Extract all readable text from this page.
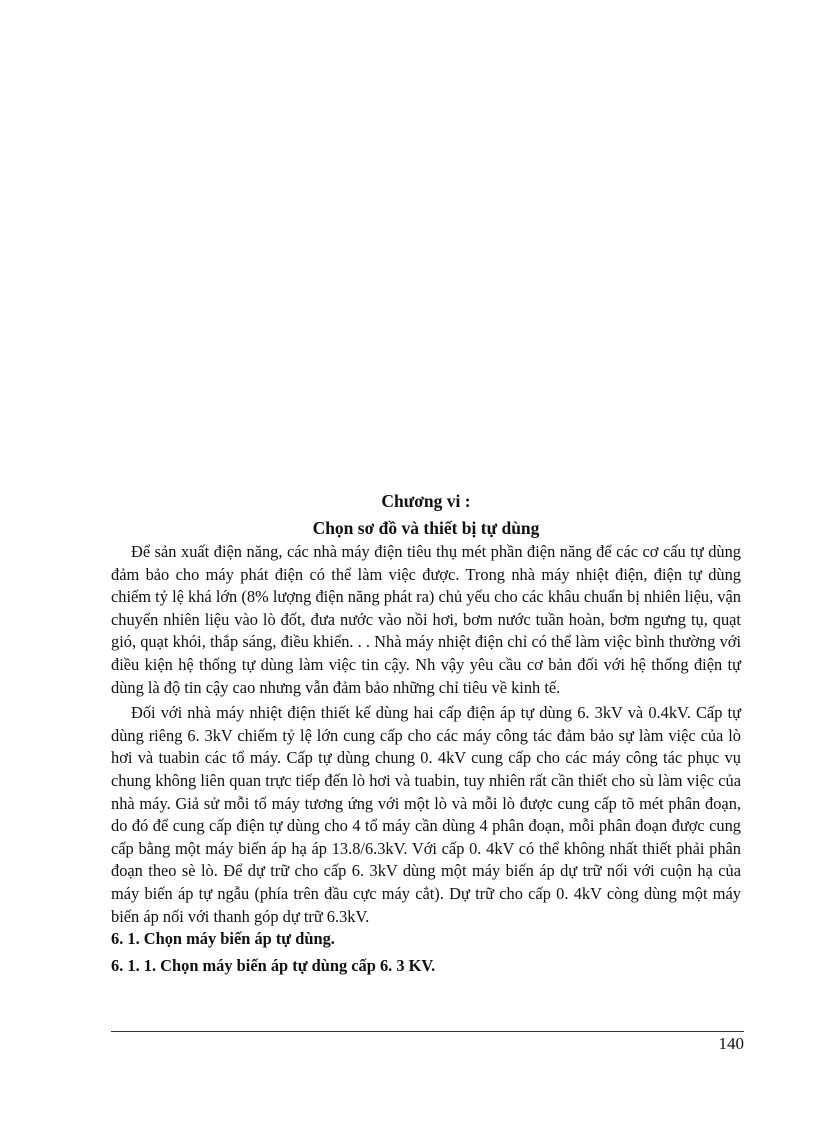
Chương vi :

Chọn sơ đồ và thiết bị tự dùng

Để sản xuất điện năng, các nhà máy điện tiêu thụ mét phần điện năng để các cơ cấu tự dùng đảm bảo cho máy phát điện có thể làm việc được. Trong nhà máy nhiệt điện, điện tự dùng chiếm tỷ lệ khá lớn (8% lượng điện năng phát ra) chủ yếu cho các khâu chuẩn bị nhiên liệu, vận chuyển nhiên liệu vào lò đốt, đưa nước vào nồi hơi, bơm nước tuần hoàn, bơm ngưng tụ, quạt gió, quạt khói, thắp sáng, điều khiển. . . Nhà máy nhiệt điện chỉ có thể làm việc bình thường với điều kiện hệ thống tự dùng làm việc tin cậy. Nh vậy yêu cầu cơ bản đối với hệ thống điện tự dùng là độ tin cậy cao nhưng vẫn đảm bảo những chỉ tiêu về kinh tế.

Đối với nhà máy nhiệt điện thiết kế dùng hai cấp điện áp tự dùng 6. 3kV và 0.4kV. Cấp tự dùng riêng 6. 3kV chiếm tỷ lệ lớn cung cấp cho các máy công tác đảm bảo sự làm việc của lò hơi và tuabin các tổ máy. Cấp tự dùng chung 0. 4kV cung cấp cho các máy công tác phục vụ chung không liên quan trực tiếp đến lò hơi và tuabin, tuy nhiên rất cần thiết cho sù làm việc của nhà máy. Giả sử mỗi tổ máy tương ứng với một lò và mỗi lò được cung cấp tõ mét phân đoạn, do đó để cung cấp điện tự dùng cho 4 tổ máy cần dùng 4 phân đoạn, mỗi phân đoạn được cung cấp bằng một máy biến áp hạ áp 13.8/6.3kV. Với cấp 0. 4kV có thể không nhất thiết phải phân đoạn theo sè lò. Để dự trữ cho cấp 6. 3kV dùng một máy biến áp dự trữ nối với cuộn hạ của máy biến áp tự ngẫu (phía trên đầu cực máy cắt). Dự trữ cho cấp 0. 4kV còng dùng một máy biến áp nối với thanh góp dự trữ 6.3kV.

6. 1. Chọn máy biến áp tự dùng.

6. 1. 1. Chọn máy biến áp tự dùng cấp 6. 3 KV.

140
